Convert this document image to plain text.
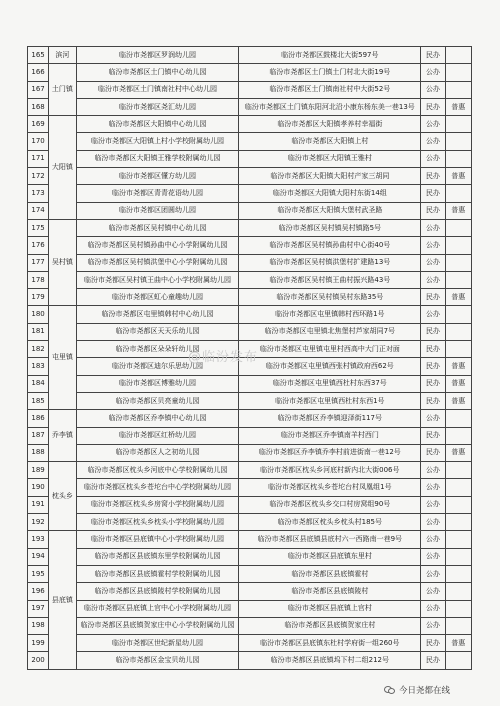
165	滨河	临汾市尧都区罗润幼儿园	临汾市尧都区鼓楼北大街597号	民办	
166	土门镇	临汾市尧都区土门镇中心幼儿园	临汾市尧都区土门镇土门村北大街19号	公办	
167		临汾市尧都区土门镇南社村中心幼儿园	临汾市尧都区土门镇南社村中大街52号	公办	
168		临汾市尧都区尧汇幼儿园	临汾市尧都区土门镇东阳河北沿小康东杨东美一巷13号	民办	普惠
169	大阳镇	临汾市尧都区大阳镇中心幼儿园	临汾市尧都区大阳镇孝养村幸福街	公办	
170		临汾市尧都区大阳镇上村小学校附属幼儿园	临汾市尧都区大阳镇上村	公办	
171		临汾市尧都区大阳镇王雅学校附属幼儿园	临汾市尧都区大阳镇王雅村	公办	
172		临汾市尧都区懂方幼儿园	临汾市尧都区大阳镇大阳村产家三胡同	民办	普惠
173		临汾市尧都区青青花语幼儿园	临汾市尧都区大阳镇大阳村东街14组	民办	
174		临汾市尧都区团圆幼儿园	临汾市尧都区大阳镇大堡村武圣路	民办	普惠
175	吴村镇	临汾市尧都区吴村镇中心幼儿园	临汾市尧都区吴村镇吴村镇路5号	公办	
176		临汾市尧都区吴村镇孙曲中心小学附属幼儿园	临汾市尧都区吴村镇孙曲村中心街40号	公办	
177		临汾市尧都区吴村镇洪堡中心小学附属幼儿园	临汾市尧都区吴村镇洪堡村扩建路13号	公办	
178		临汾市尧都区吴村镇王曲中心小学校附属幼儿园	临汾市尧都区吴村镇王曲村振兴路43号	公办	
179		临汾市尧都区虹心童趣幼儿园	临汾市尧都区吴村镇吴村东路35号	民办	普惠
180	屯里镇	临汾市尧都区屯里镇韩村中心幼儿园	临汾市尧都区屯里镇韩村西环路1号	公办	
181		临汾市尧都区天天乐幼儿园	临汾市尧都区屯里镇北焦堡村芦家胡同7号	民办	
182		临汾市尧都区朵朵轩幼儿园	临汾市尧都区屯里镇屯里村西高中大门正对面	民办	
183		临汾市尧都区迪尔乐思幼儿园	临汾市尧都区屯里镇西张村镇政府西62号	民办	普惠
184		临汾市尧都区博雅幼儿园	临汾市尧都区屯里镇西杜村东西37号	民办	普惠
185		临汾市尧都区贝亮童幼儿园	临汾市尧都区屯里镇西杜村东西1号	民办	普惠
186	乔李镇	临汾市尧都区乔李镇中心幼儿园	临汾市尧都区乔李镇迎泽街117号	公办	
187		临汾市尧都区红桥幼儿园	临汾市尧都区乔李镇南羊村西门	民办	
188		临汾市尧都区人之初幼儿园	临汾市尧都区乔李镇乔李村前进街南一巷12号	民办	普惠
189	枕头乡	临汾市尧都区枕头乡河底中心学校附属幼儿园	临汾市尧都区枕头乡河底村新内北大街006号	公办	
190		临汾市尧都区枕头乡苍坨台中心学校附属幼儿园	临汾市尧都区枕头乡苍坨台村凤凰组1号	公办	
191		临汾市尧都区枕头乡房窝小学校附属幼儿园	临汾市尧都区枕头乡交口村房窝组90号	公办	
192		临汾市尧都区枕头乡枕头小学校附属幼儿园	临汾市尧都区枕头乡枕头村185号	公办	
193	县底镇	临汾市尧都区县底镇中心小学校附属幼儿园	临汾市尧都区县底镇县底村六一西路南一巷9号	公办	
194		临汾市尧都区县底镇东里学校附属幼儿园	临汾市尧都区县底镇东里村	公办	
195		临汾市尧都区县底镇霍村学校附属幼儿园	临汾市尧都区县底镇霍村	公办	
196		临汾市尧都区县底镇陵村学校附属幼儿园	临汾市尧都区县底镇陵村	公办	
197		临汾市尧都区县底镇上官中心小学校附属幼儿园	临汾市尧都区县底镇上官村	公办	
198		临汾市尧都区县底镇贺家庄中心小学校附属幼儿园	临汾市尧都区县底镇贺家庄村	公办	
199		临汾市尧都区世纪新星幼儿园	临汾市尧都区县底镇东杜村学府街一组260号	民办	普惠
200		临汾市尧都区金宝贝幼儿园	临汾市尧都区县底镇坞下村二组212号	民办	
@临汾发布
今日尧都在线
